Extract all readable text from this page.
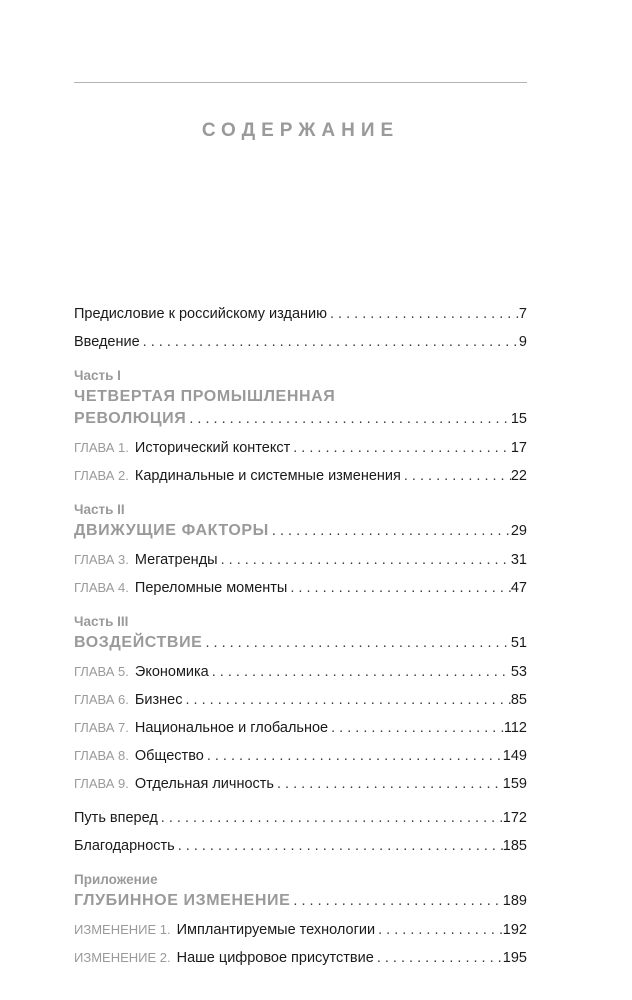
СОДЕРЖАНИЕ
Предисловие к российскому изданию . . .	7
Введение . . .	9
Часть I
ЧЕТВЕРТАЯ ПРОМЫШЛЕННАЯ
РЕВОЛЮЦИЯ . . .	15
ГЛАВА 1. Исторический контекст . . .	17
ГЛАВА 2. Кардинальные и системные изменения . . .	22
Часть II
ДВИЖУЩИЕ ФАКТОРЫ . . .	29
ГЛАВА 3. Мегатренды . . .	31
ГЛАВА 4. Переломные моменты . . .	47
Часть III
ВОЗДЕЙСТВИЕ . . .	51
ГЛАВА 5. Экономика . . .	53
ГЛАВА 6. Бизнес . . .	85
ГЛАВА 7. Национальное и глобальное . . .	112
ГЛАВА 8. Общество . . .	149
ГЛАВА 9. Отдельная личность . . .	159
Путь вперед . . .	172
Благодарность . . .	185
Приложение
ГЛУБИННОЕ ИЗМЕНЕНИЕ . . .	189
ИЗМЕНЕНИЕ 1. Имплантируемые технологии . . .	192
ИЗМЕНЕНИЕ 2. Наше цифровое присутствие . . .	195
